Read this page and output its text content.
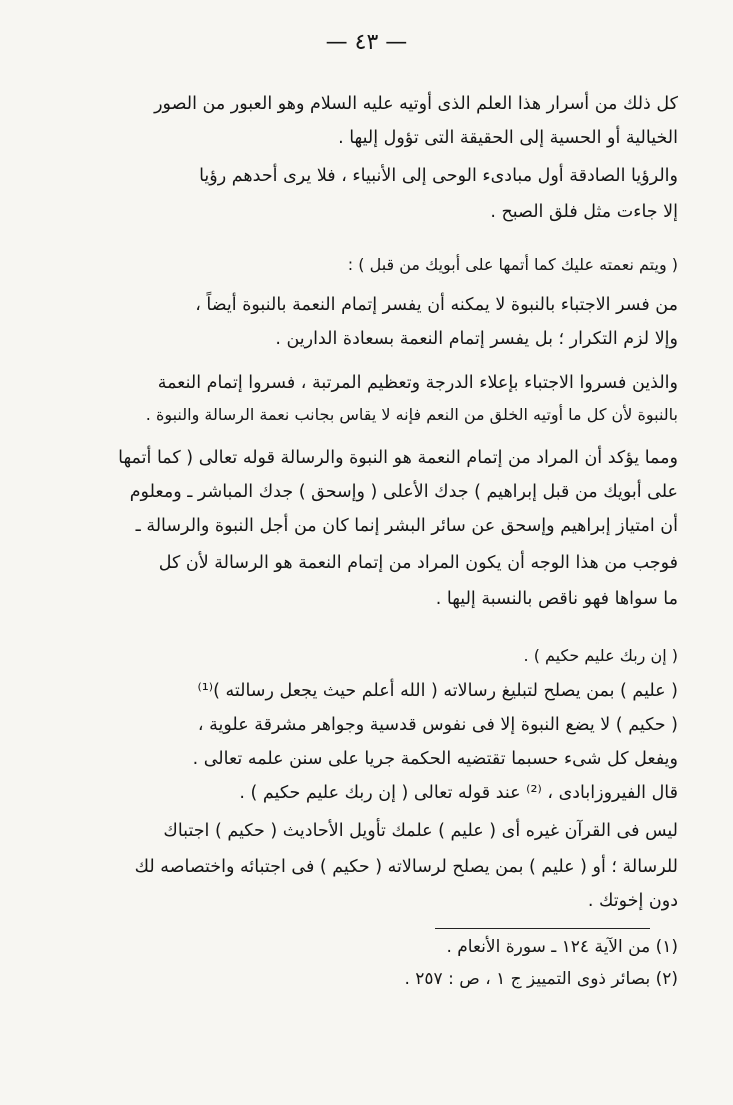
— ٤٣ —
كل ذلك من أسرار هذا العلم الذى أوتيه عليه السلام وهو العبور من الصور
الخيالية أو الحسية إلى الحقيقة التى تؤول إليها .
والرؤيا الصادقة أول مبادىء الوحى إلى الأنبياء ، فلا يرى أحدهم رؤيا
إلا جاءت مثل فلق الصبح .
( ويتم نعمته عليك كما أتمها على أبويك من قبل ) :
من فسر الاجتباء بالنبوة لا يمكنه أن يفسر إتمام النعمة بالنبوة أيضاً ،
وإلا لزم التكرار ؛ بل يفسر إتمام النعمة بسعادة الدارين .
والذين فسروا الاجتباء بإعلاء الدرجة وتعظيم المرتبة ، فسروا إتمام النعمة
بالنبوة لأن كل ما أوتيه الخلق من النعم فإنه لا يقاس بجانب نعمة الرسالة والنبوة .
ومما يؤكد أن المراد من إتمام النعمة هو النبوة والرسالة قوله تعالى ( كما أتمها
على أبويك من قبل إبراهيم ) جدك الأعلى ( وإسحق ) جدك المباشر ـ ومعلوم
أن امتياز إبراهيم وإسحق عن سائر البشر إنما كان من أجل النبوة والرسالة ـ
فوجب من هذا الوجه أن يكون المراد من إتمام النعمة هو الرسالة لأن كل
ما سواها فهو ناقص بالنسبة إليها .
( إن ربك عليم حكيم ) .
( عليم ) بمن يصلح لتبليغ رسالاته ( الله أعلم حيث يجعل رسالته )⁽¹⁾
( حكيم ) لا يضع النبوة إلا فى نفوس قدسية وجواهر مشرقة علوية ،
ويفعل كل شىء حسبما تقتضيه الحكمة جريا على سنن علمه تعالى .
قال الفيروزابادى ، ⁽²⁾ عند قوله تعالى ( إن ربك عليم حكيم ) .
ليس فى القرآن غيره أى ( عليم ) علمك تأويل الأحاديث ( حكيم ) اجتباك
للرسالة ؛ أو ( عليم ) بمن يصلح لرسالاته ( حكيم ) فى اجتبائه واختصاصه لك
دون إخوتك .
(١) من الآية ١٢٤ ـ سورة الأنعام .
(٢) بصائر ذوى التمييز ج ١ ، ص : ٢٥٧ .
